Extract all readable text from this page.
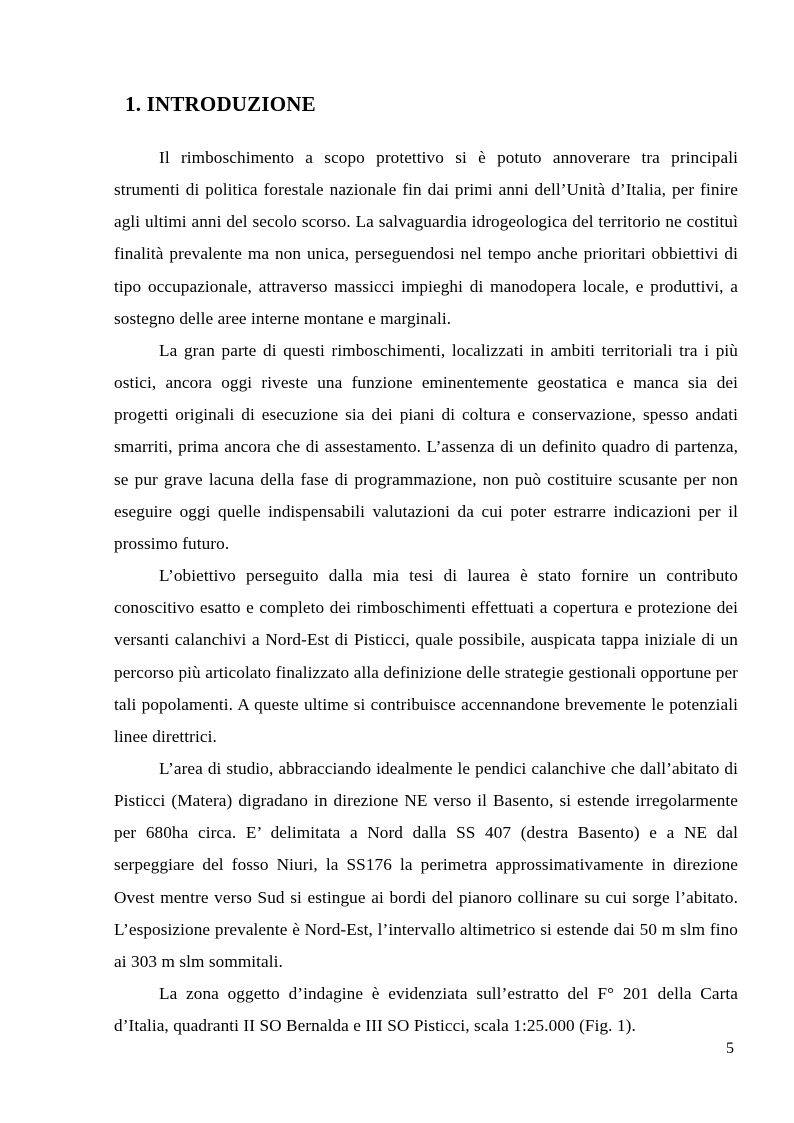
1. INTRODUZIONE

Il rimboschimento a scopo protettivo si è potuto annoverare tra principali strumenti di politica forestale nazionale fin dai primi anni dell’Unità d’Italia, per finire agli ultimi anni del secolo scorso. La salvaguardia idrogeologica del territorio ne costituì finalità prevalente ma non unica, perseguendosi nel tempo anche prioritari obbiettivi di tipo occupazionale, attraverso massicci impieghi di manodopera locale, e produttivi, a sostegno delle aree interne montane e marginali.

La gran parte di questi rimboschimenti, localizzati in ambiti territoriali tra i più ostici, ancora oggi riveste una funzione eminentemente geostatica e manca sia dei progetti originali di esecuzione sia dei piani di coltura e conservazione, spesso andati smarriti, prima ancora che di assestamento. L’assenza di un definito quadro di partenza, se pur grave lacuna della fase di programmazione, non può costituire scusante per non eseguire oggi quelle indispensabili valutazioni da cui poter estrarre indicazioni per il prossimo futuro.

L’obiettivo perseguito dalla mia tesi di laurea è stato fornire un contributo conoscitivo esatto e completo dei rimboschimenti effettuati a copertura e protezione dei versanti calanchivi a Nord-Est di Pisticci, quale possibile, auspicata tappa iniziale di un percorso più articolato finalizzato alla definizione delle strategie gestionali opportune per tali popolamenti. A queste ultime si contribuisce accennandone brevemente le potenziali linee direttrici.

L’area di studio, abbracciando idealmente le pendici calanchive che dall’abitato di Pisticci (Matera) digradano in direzione NE verso il Basento, si estende irregolarmente per 680ha circa. E’ delimitata a Nord dalla SS 407 (destra Basento) e a NE dal serpeggiare del fosso Niuri, la SS176 la perimetra approssimativamente in direzione Ovest mentre verso Sud si estingue ai bordi del pianoro collinare su cui sorge l’abitato. L’esposizione prevalente è Nord-Est, l’intervallo altimetrico si estende dai 50 m slm fino ai 303 m slm sommitali.

La zona oggetto d’indagine è evidenziata sull’estratto del F° 201 della Carta d’Italia, quadranti II SO Bernalda e III SO Pisticci, scala 1:25.000 (Fig. 1).

5
